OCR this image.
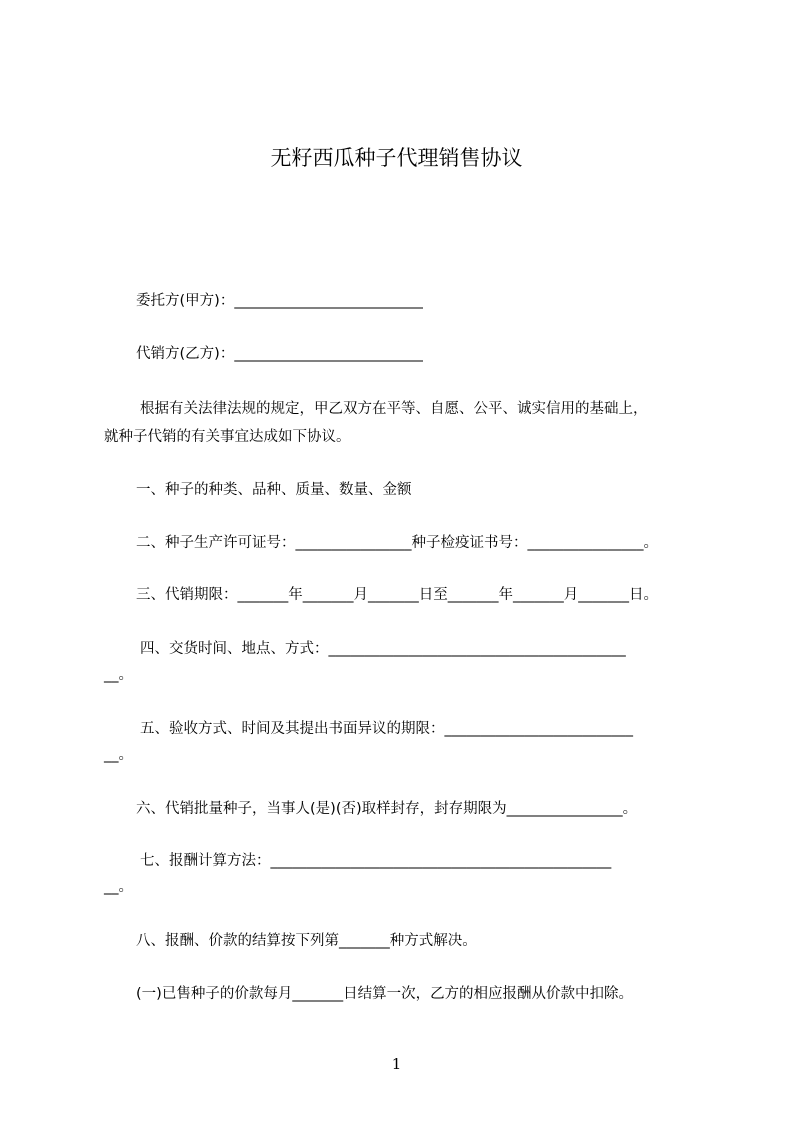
无籽西瓜种子代理销售协议
委托方(甲方)：__________________________
代销方(乙方)：__________________________
根据有关法律法规的规定，甲乙双方在平等、自愿、公平、诚实信用的基础上，
就种子代销的有关事宜达成如下协议。
一、种子的种类、品种、质量、数量、金额
二、种子生产许可证号：________________种子检疫证书号：________________。
三、代销期限：_______年_______月_______日至_______年_______月_______日。
四、交货时间、地点、方式：_________________________________________
__。
五、验收方式、时间及其提出书面异议的期限：__________________________
__。
六、代销批量种子，当事人(是)(否)取样封存，封存期限为________________。
七、报酬计算方法：_______________________________________________
__。
八、报酬、价款的结算按下列第_______种方式解决。
(一)已售种子的价款每月_______日结算一次，乙方的相应报酬从价款中扣除。
1
